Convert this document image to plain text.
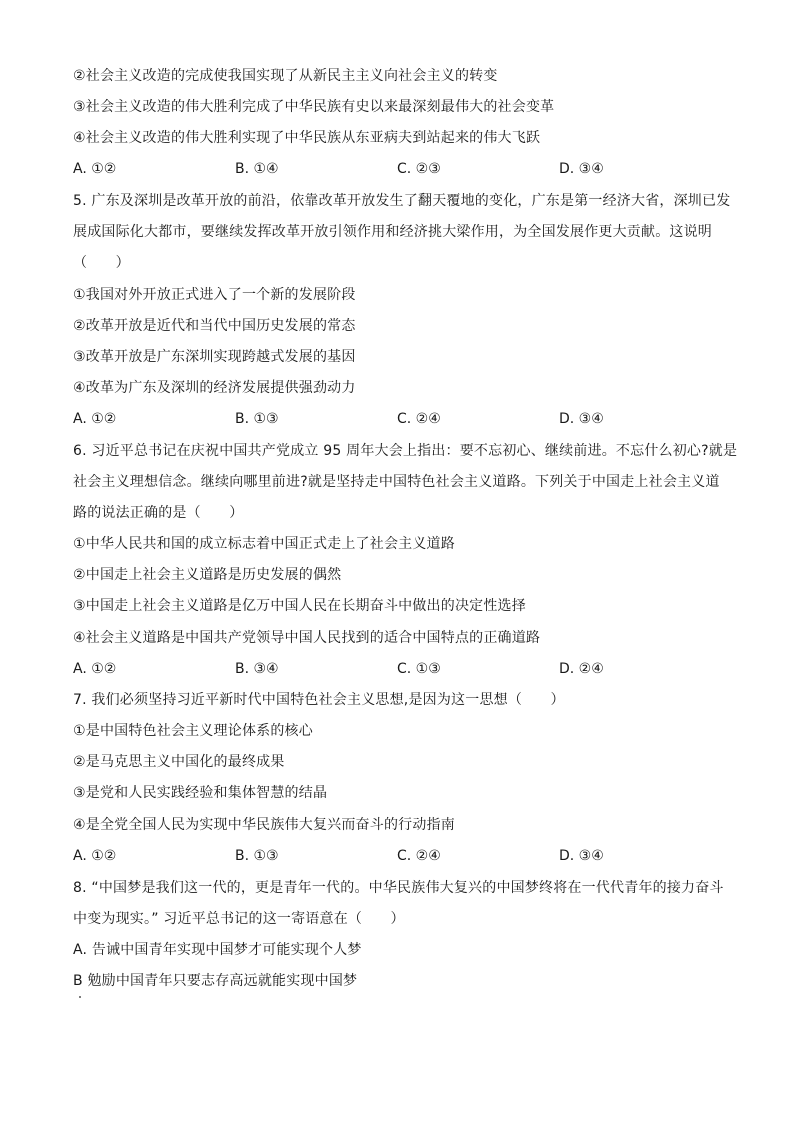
②社会主义改造的完成使我国实现了从新民主主义向社会主义的转变
③社会主义改造的伟大胜利完成了中华民族有史以来最深刻最伟大的社会变革
④社会主义改造的伟大胜利实现了中华民族从东亚病夫到站起来的伟大飞跃
A. ①②	B. ①④	C. ②③	D. ③④
5. 广东及深圳是改革开放的前沿，依靠改革开放发生了翻天覆地的变化，广东是第一经济大省，深圳已发
展成国际化大都市，要继续发挥改革开放引领作用和经济挑大梁作用，为全国发展作更大贡献。这说明
（　　）
①我国对外开放正式进入了一个新的发展阶段
②改革开放是近代和当代中国历史发展的常态
③改革开放是广东深圳实现跨越式发展的基因
④改革为广东及深圳的经济发展提供强劲动力
A. ①②	B. ①③	C. ②④	D. ③④
6. 习近平总书记在庆祝中国共产党成立 95 周年大会上指出：要不忘初心、继续前进。不忘什么初心?就是
社会主义理想信念。继续向哪里前进?就是坚持走中国特色社会主义道路。下列关于中国走上社会主义道
路的说法正确的是（　　）
①中华人民共和国的成立标志着中国正式走上了社会主义道路
②中国走上社会主义道路是历史发展的偶然
③中国走上社会主义道路是亿万中国人民在长期奋斗中做出的决定性选择
④社会主义道路是中国共产党领导中国人民找到的适合中国特点的正确道路
A. ①②	B. ③④	C. ①③	D. ②④
7. 我们必须坚持习近平新时代中国特色社会主义思想,是因为这一思想（　　）
①是中国特色社会主义理论体系的核心
②是马克思主义中国化的最终成果
③是党和人民实践经验和集体智慧的结晶
④是全党全国人民为实现中华民族伟大复兴而奋斗的行动指南
A. ①②	B. ①③	C. ②④	D. ③④
8. “中国梦是我们这一代的，更是青年一代的。中华民族伟大复兴的中国梦终将在一代代青年的接力奋斗
中变为现实。” 习近平总书记的这一寄语意在（　　）
A. 告诫中国青年实现中国梦才可能实现个人梦
B 勉励中国青年只要志存高远就能实现中国梦
